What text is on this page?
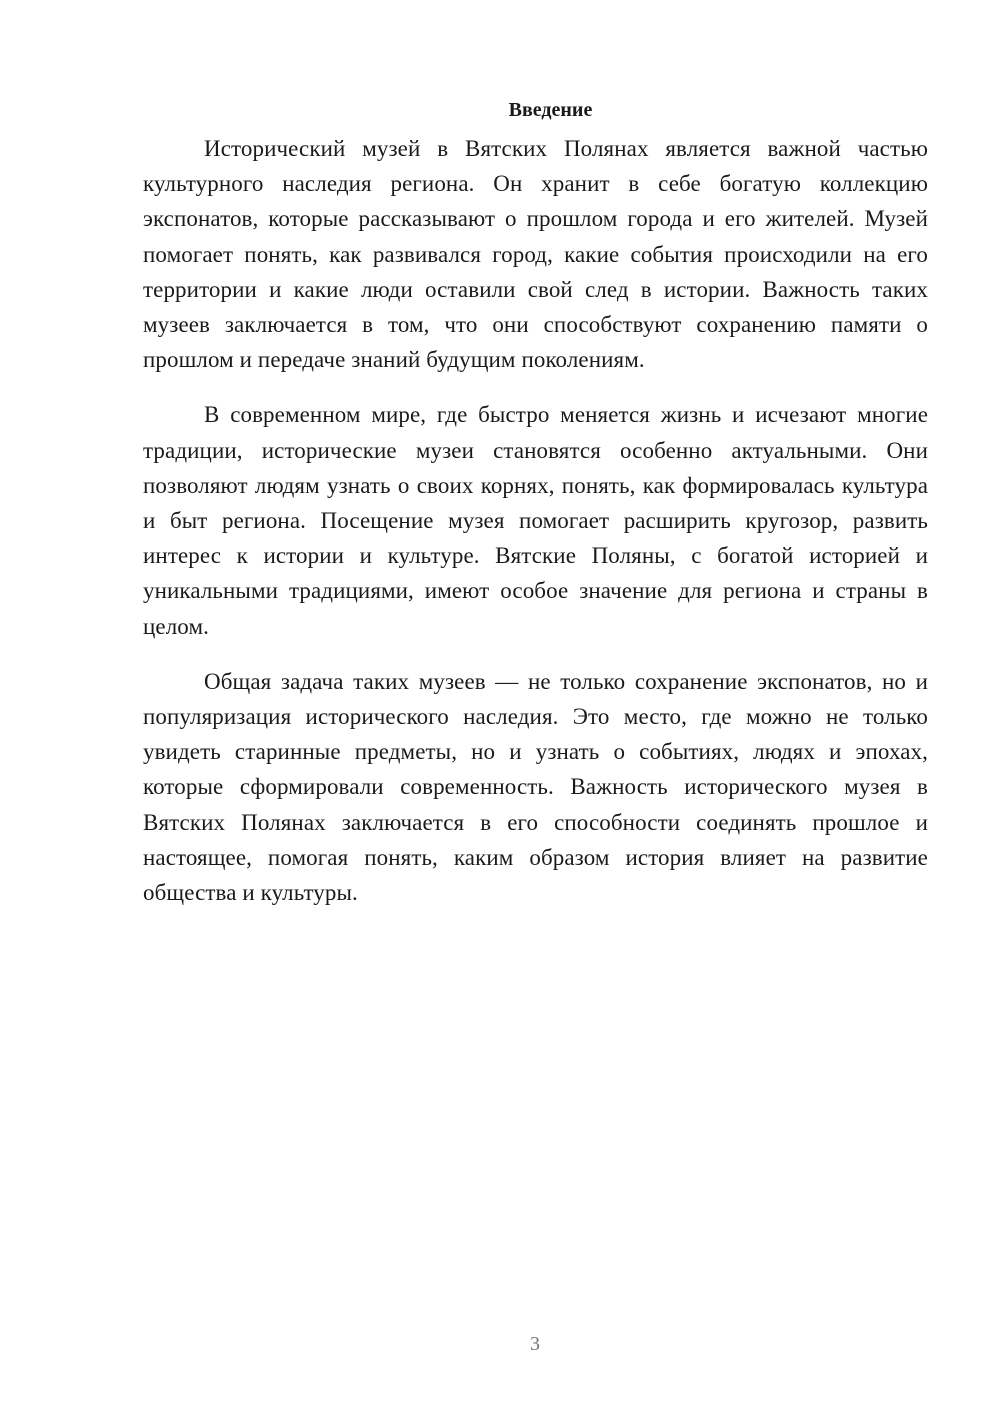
Введение

Исторический музей в Вятских Полянах является важной частью культурного наследия региона. Он хранит в себе богатую коллекцию экспонатов, которые рассказывают о прошлом города и его жителей. Музей помогает понять, как развивался город, какие события происходили на его территории и какие люди оставили свой след в истории. Важность таких музеев заключается в том, что они способствуют сохранению памяти о прошлом и передаче знаний будущим поколениям.

В современном мире, где быстро меняется жизнь и исчезают многие традиции, исторические музеи становятся особенно актуальными. Они позволяют людям узнать о своих корнях, понять, как формировалась культура и быт региона. Посещение музея помогает расширить кругозор, развить интерес к истории и культуре. Вятские Поляны, с богатой историей и уникальными традициями, имеют особое значение для региона и страны в целом.

Общая задача таких музеев — не только сохранение экспонатов, но и популяризация исторического наследия. Это место, где можно не только увидеть старинные предметы, но и узнать о событиях, людях и эпохах, которые сформировали современность. Важность исторического музея в Вятских Полянах заключается в его способности соединять прошлое и настоящее, помогая понять, каким образом история влияет на развитие общества и культуры.

3
